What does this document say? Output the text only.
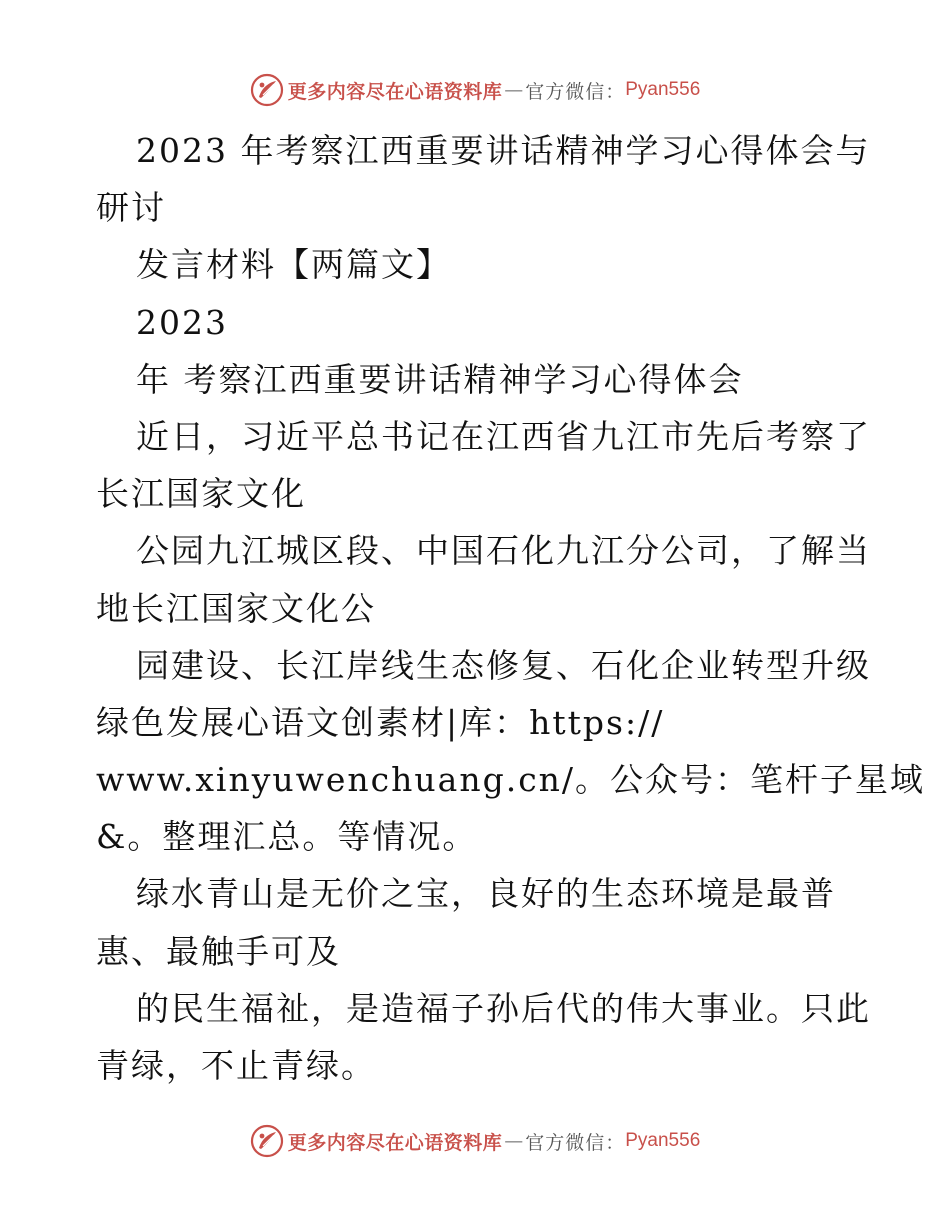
更多内容尽在心语资料库 — 官方微信： Pyan556
2023 年考察江西重要讲话精神学习心得体会与
研讨
发言材料【两篇文】
2023
年 考察江西重要讲话精神学习心得体会
近日，习近平总书记在江西省九江市先后考察了
长江国家文化
公园九江城区段、中国石化九江分公司，了解当
地长江国家文化公
园建设、长江岸线生态修复、石化企业转型升级
绿色发展心语文创素材|库：https://
www.xinyuwenchuang.cn/。公众号：笔杆子星域
&。整理汇总。等情况。
绿水青山是无价之宝，良好的生态环境是最普
惠、最触手可及
的民生福祉，是造福子孙后代的伟大事业。只此
青绿，不止青绿。
更多内容尽在心语资料库 — 官方微信： Pyan556
